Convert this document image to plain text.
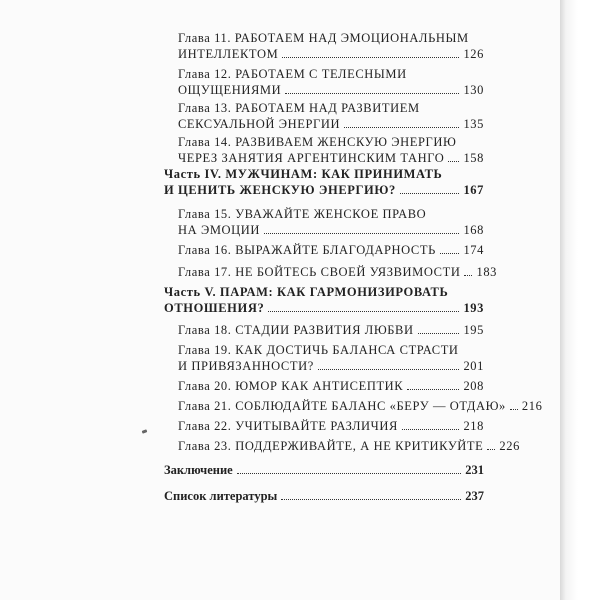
Глава 11. РАБОТАЕМ НАД ЭМОЦИОНАЛЬНЫМ
ИНТЕЛЛЕКТОМ	126
Глава 12. РАБОТАЕМ С ТЕЛЕСНЫМИ
ОЩУЩЕНИЯМИ	130
Глава 13. РАБОТАЕМ НАД РАЗВИТИЕМ
СЕКСУАЛЬНОЙ ЭНЕРГИИ	135
Глава 14. РАЗВИВАЕМ ЖЕНСКУЮ ЭНЕРГИЮ
ЧЕРЕЗ ЗАНЯТИЯ АРГЕНТИНСКИМ ТАНГО 158
Часть IV. МУЖЧИНАМ: КАК ПРИНИМАТЬ
И ЦЕНИТЬ ЖЕНСКУЮ ЭНЕРГИЮ?	167
Глава 15. УВАЖАЙТЕ ЖЕНСКОЕ ПРАВО
НА ЭМОЦИИ	168
Глава 16. ВЫРАЖАЙТЕ БЛАГОДАРНОСТЬ 174
Глава 17. НЕ БОЙТЕСЬ СВОЕЙ УЯЗВИМОСТИ 183
Часть V. ПАРАМ: КАК ГАРМОНИЗИРОВАТЬ
ОТНОШЕНИЯ?	193
Глава 18. СТАДИИ РАЗВИТИЯ ЛЮБВИ	195
Глава 19. КАК ДОСТИЧЬ БАЛАНСА СТРАСТИ
И ПРИВЯЗАННОСТИ?	201
Глава 20. ЮМОР КАК АНТИСЕПТИК	208
Глава 21. СОБЛЮДАЙТЕ БАЛАНС «БЕРУ — ОТДАЮ» 216
Глава 22. УЧИТЫВАЙТЕ РАЗЛИЧИЯ	218
Глава 23. ПОДДЕРЖИВАЙТЕ, А НЕ КРИТИКУЙТЕ 226
Заключение	231
Список литературы	237
